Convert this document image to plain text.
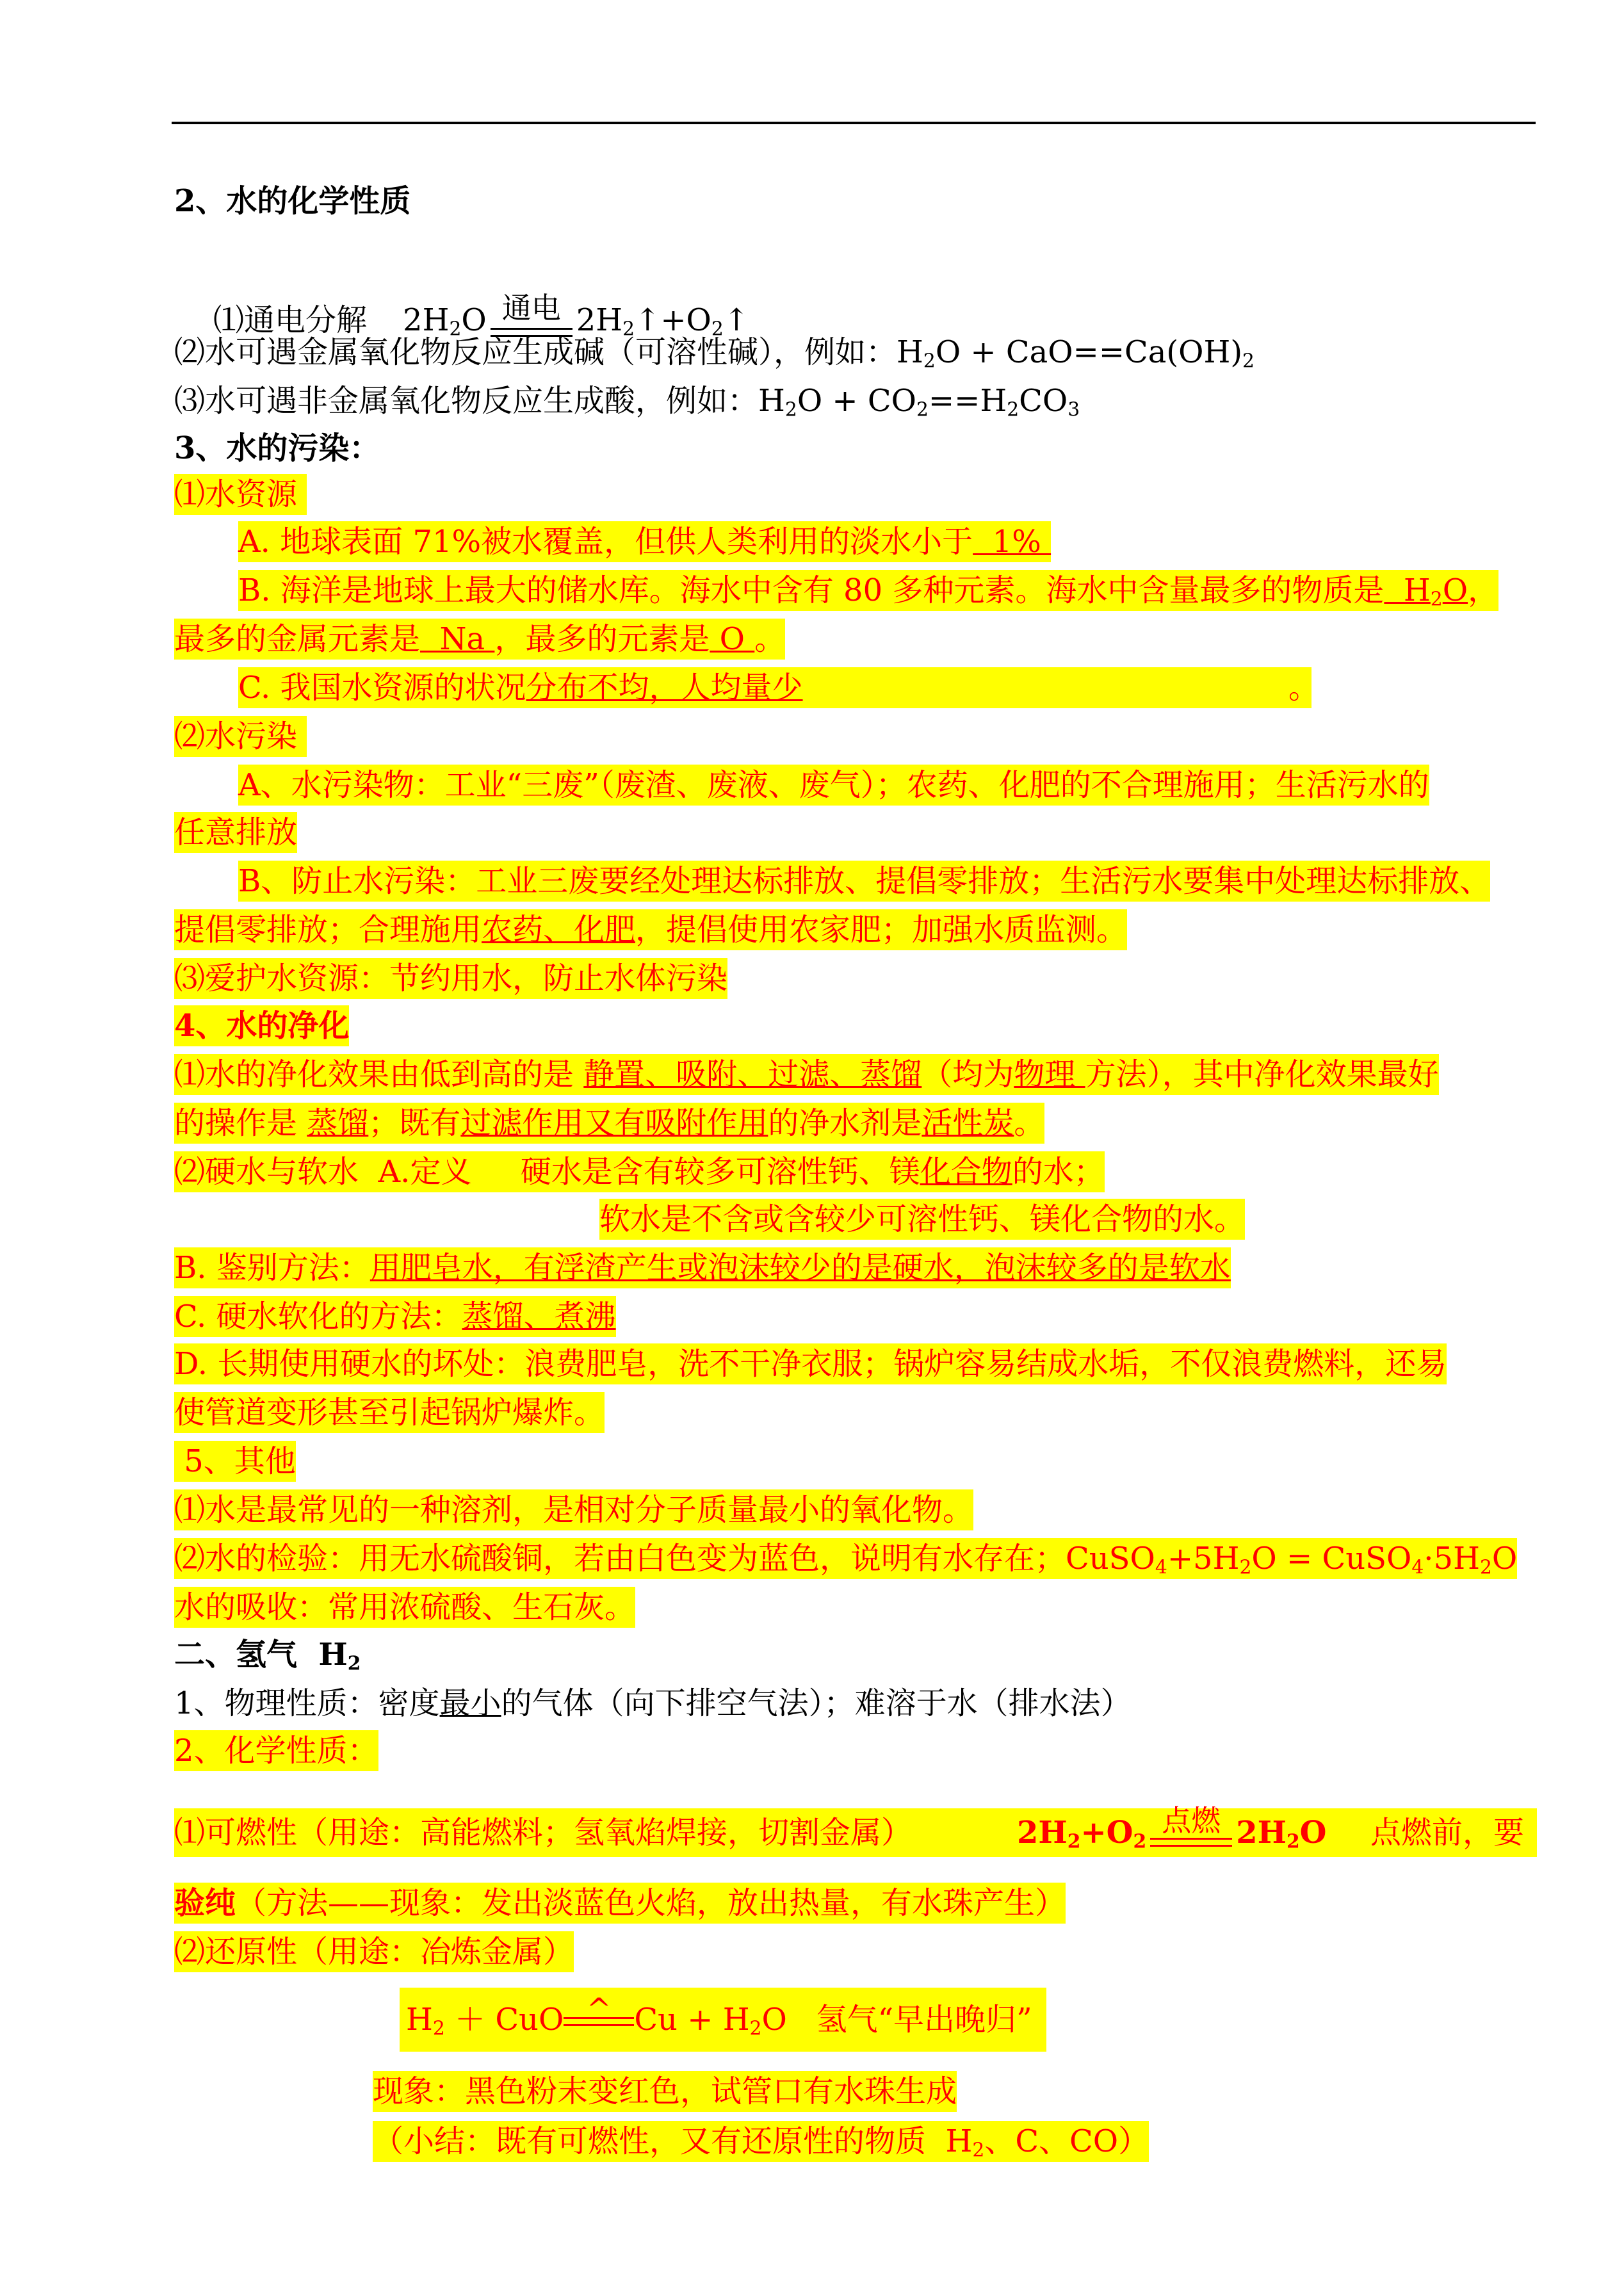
2、水的化学性质

⑴通电分解 $2H_2O$ 通电 $2H_2↑+O_2↑$

⑵水可遇金属氧化物反应生成碱（可溶性碱），例如：$H_2O + CaO==Ca(OH)_2$
⑶水可遇非金属氧化物反应生成酸，例如：$H_2O + CO_2==H_2CO_3$
3、水的污染：
⑴水资源
A. 地球表面 71%被水覆盖，但供人类利用的淡水小于  1%
B. 海洋是地球上最大的储水库。海水中含有 80 多种元素。海水中含量最多的物质是  $H_2O$，
最多的金属元素是  Na ，最多的元素是 O 。
C. 我国水资源的状况分布不均，人均量少	。
⑵水污染
A、水污染物：工业“三废”（废渣、废液、废气）；农药、化肥的不合理施用；生活污水的
任意排放
B、防止水污染：工业三废要经处理达标排放、提倡零排放；生活污水要集中处理达标排放、
提倡零排放；合理施用农药、化肥，提倡使用农家肥；加强水质监测。
⑶爱护水资源：节约用水，防止水体污染
4、水的净化
⑴水的净化效果由低到高的是 静置、吸附、过滤、蒸馏（均为物理 方法），其中净化效果最好
的操作是 蒸馏；既有过滤作用又有吸附作用的净水剂是活性炭。
⑵硬水与软水  A.定义     硬水是含有较多可溶性钙、镁化合物的水；
软水是不含或含较少可溶性钙、镁化合物的水。
B. 鉴别方法：用肥皂水，有浮渣产生或泡沫较少的是硬水，泡沫较多的是软水
C. 硬水软化的方法：蒸馏、煮沸
D. 长期使用硬水的坏处：浪费肥皂，洗不干净衣服；锅炉容易结成水垢，不仅浪费燃料，还易
使管道变形甚至引起锅炉爆炸。
5、其他
⑴水是最常见的一种溶剂，是相对分子质量最小的氧化物。
⑵水的检验：用无水硫酸铜，若由白色变为蓝色，说明有水存在；$CuSO_4+5H_2O$ = $CuSO_4\cdot 5H_2O$
水的吸收：常用浓硫酸、生石灰。
二、氢气  $H_2$
1、物理性质：密度最小的气体（向下排空气法）；难溶于水（排水法）
2、化学性质：
⑴可燃性（用途：高能燃料；氢氧焰焊接，切割金属）	$2H_2+O_2$
点燃 $2H_2O$ 点燃前，要
验纯（方法——现象：发出淡蓝色火焰，放出热量，有水珠产生）
⑵还原性（用途：冶炼金属）
$H_2$ ＋ CuO ^ $Cu + H_2O$   氢气“早出晚归”
现象：黑色粉末变红色，试管口有水珠生成
（小结：既有可燃性，又有还原性的物质  $H_2$、C、CO）
